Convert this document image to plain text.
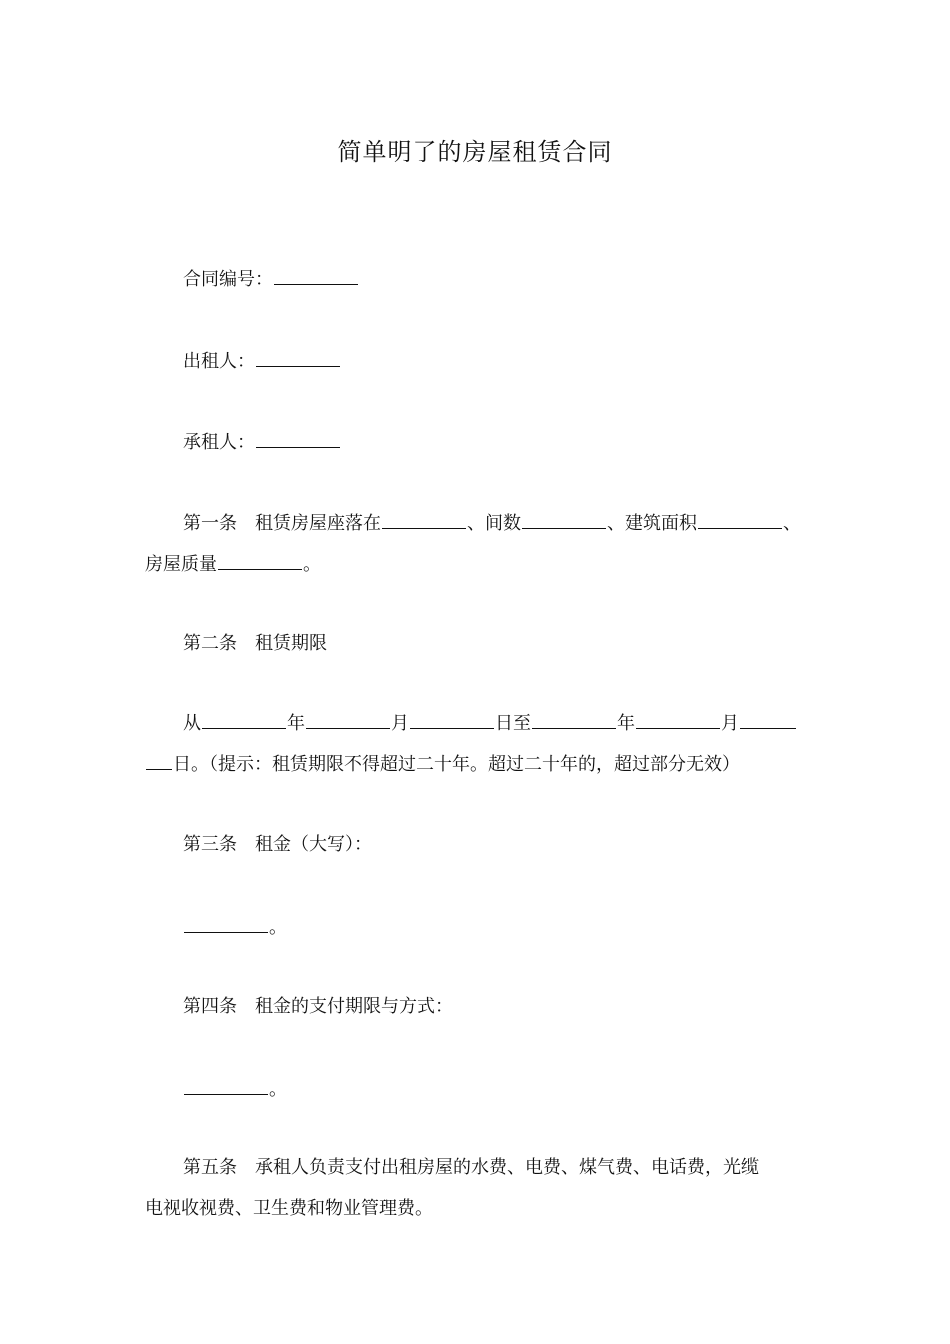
简单明了的房屋租赁合同
合同编号：
出租人：
承租人：
第一条 租赁房屋座落在	、间数	、建筑面积	、
房屋质量	。
第二条 租赁期限
从	年	月	日至	年	月
日。（提示：租赁期限不得超过二十年。超过二十年的，超过部分无效）
第三条 租金（大写）：
。
第四条 租金的支付期限与方式：
。
第五条 承租人负责支付出租房屋的水费、电费、煤气费、电话费，光缆
电视收视费、卫生费和物业管理费。
